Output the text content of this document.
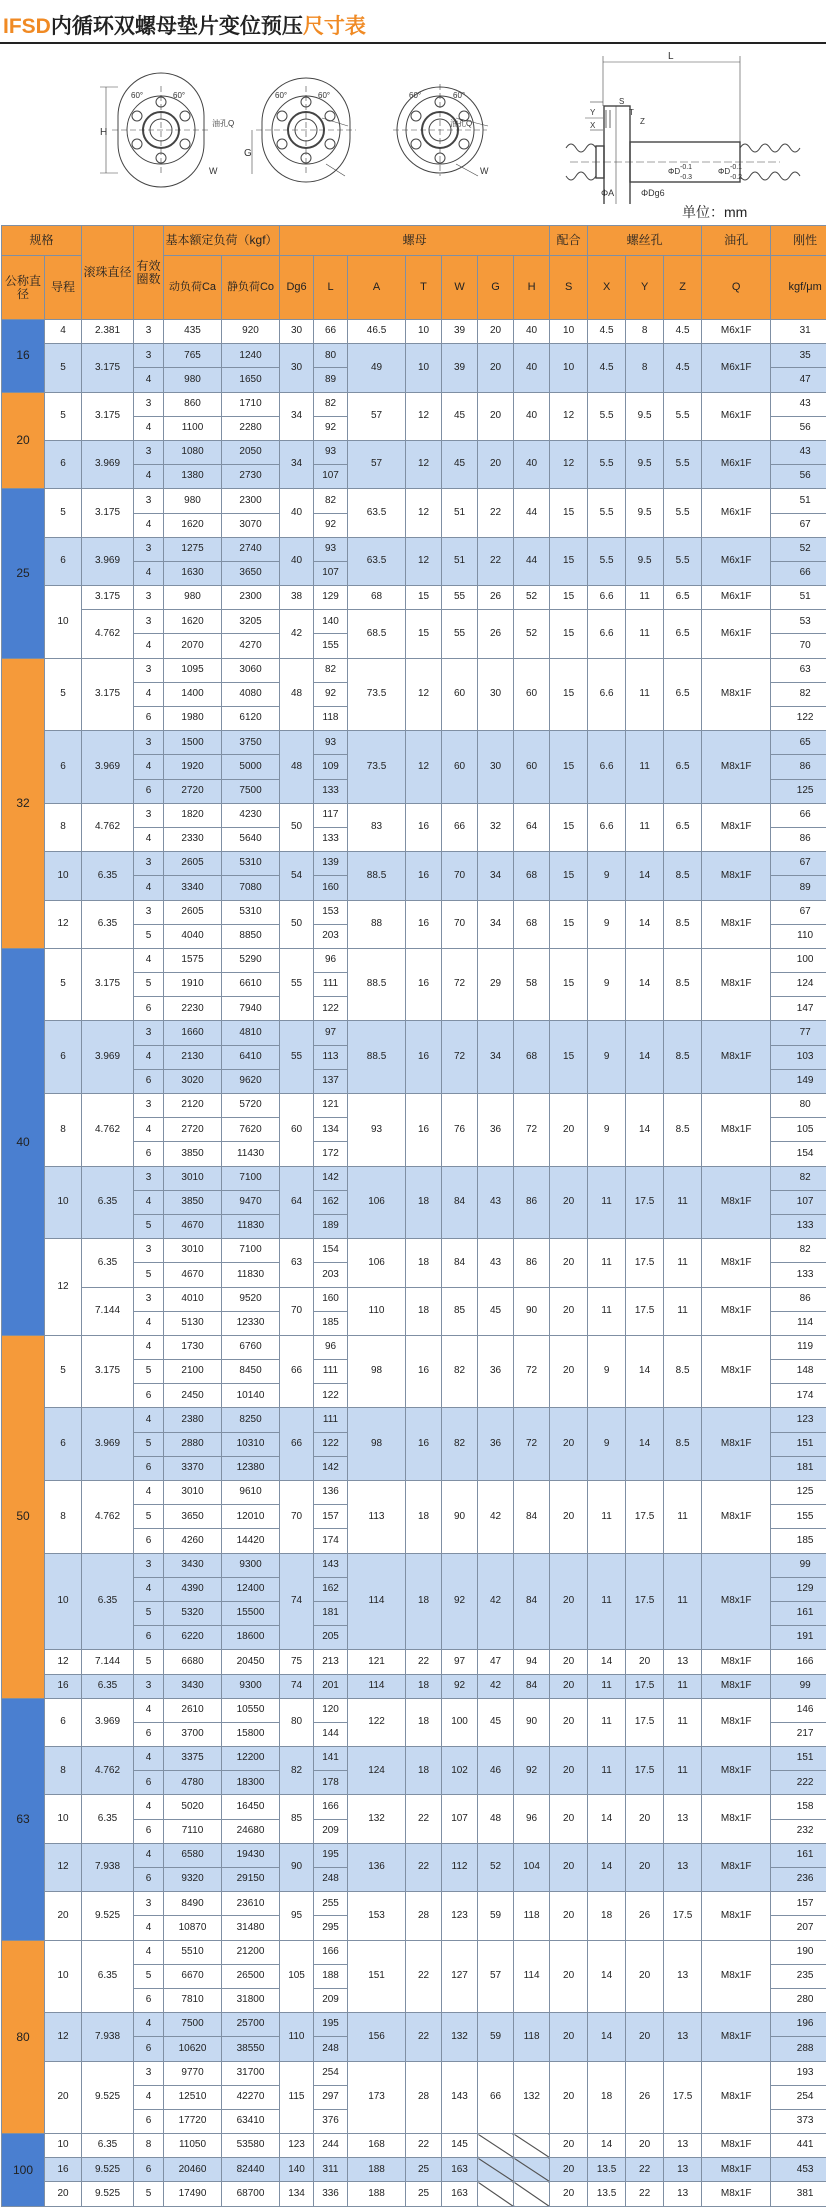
IFSD内循环双螺母垫片变位预压尺寸表
H
60°	60°
G
W
油孔Q
60°	60°
油孔Q
W
60°	60°
L
Y
X
S
T
Z
ΦA	ΦDg6
ΦD -0.1
-0.3
ΦD -0.1
-0.2
单位：mm
规格		滚珠直径	有效圈数	基本额定负荷（kgf）		螺母							配合	螺丝孔			油孔	刚性
公称直径	导程			动负荷Ca	静负荷Co	Dg6	L	A	T	W	G	H	S	X	Y	Z	Q	kgf/μm
16	4	2.381	3	435	920	30	66	46.5	10	39	20	40	10	4.5	8	4.5	M6x1F	31
	5	3.175	3	765	1240	30	80	49	10	39	20	40	10	4.5	8	4.5	M6x1F	35
			4	980	1650		89											47
20	5	3.175	3	860	1710	34	82	57	12	45	20	40	12	5.5	9.5	5.5	M6x1F	43
			4	1100	2280		92											56
	6	3.969	3	1080	2050	34	93	57	12	45	20	40	12	5.5	9.5	5.5	M6x1F	43
			4	1380	2730		107											56
25	5	3.175	3	980	2300	40	82	63.5	12	51	22	44	15	5.5	9.5	5.5	M6x1F	51
			4	1620	3070		92											67
	6	3.969	3	1275	2740	40	93	63.5	12	51	22	44	15	5.5	9.5	5.5	M6x1F	52
			4	1630	3650		107											66
	10	3.175	3	980	2300	38	129	68	15	55	26	52	15	6.6	11	6.5	M6x1F	51
		4.762	3	1620	3205	42	140	68.5	15	55	26	52	15	6.6	11	6.5	M6x1F	53
			4	2070	4270		155											70
32	5	3.175	3	1095	3060	48	82	73.5	12	60	30	60	15	6.6	11	6.5	M8x1F	63
			4	1400	4080		92											82
			6	1980	6120		118											122
	6	3.969	3	1500	3750	48	93	73.5	12	60	30	60	15	6.6	11	6.5	M8x1F	65
			4	1920	5000		109											86
			6	2720	7500		133											125
	8	4.762	3	1820	4230	50	117	83	16	66	32	64	15	6.6	11	6.5	M8x1F	66
			4	2330	5640		133											86
	10	6.35	3	2605	5310	54	139	88.5	16	70	34	68	15	9	14	8.5	M8x1F	67
			4	3340	7080		160											89
	12	6.35	3	2605	5310	50	153	88	16	70	34	68	15	9	14	8.5	M8x1F	67
			5	4040	8850		203											110
40	5	3.175	4	1575	5290	55	96	88.5	16	72	29	58	15	9	14	8.5	M8x1F	100
			5	1910	6610		111											124
			6	2230	7940		122											147
	6	3.969	3	1660	4810	55	97	88.5	16	72	34	68	15	9	14	8.5	M8x1F	77
			4	2130	6410		113											103
			6	3020	9620		137											149
	8	4.762	3	2120	5720	60	121	93	16	76	36	72	20	9	14	8.5	M8x1F	80
			4	2720	7620		134											105
			6	3850	11430		172											154
	10	6.35	3	3010	7100	64	142	106	18	84	43	86	20	11	17.5	11	M8x1F	82
			4	3850	9470		162											107
			5	4670	11830		189											133
	12	6.35	3	3010	7100	63	154	106	18	84	43	86	20	11	17.5	11	M8x1F	82
			5	4670	11830		203											133
		7.144	3	4010	9520	70	160	110	18	85	45	90	20	11	17.5	11	M8x1F	86
			4	5130	12330		185											114
50	5	3.175	4	1730	6760	66	96	98	16	82	36	72	20	9	14	8.5	M8x1F	119
			5	2100	8450		111											148
			6	2450	10140		122											174
	6	3.969	4	2380	8250	66	111	98	16	82	36	72	20	9	14	8.5	M8x1F	123
			5	2880	10310		122											151
			6	3370	12380		142											181
	8	4.762	4	3010	9610	70	136	113	18	90	42	84	20	11	17.5	11	M8x1F	125
			5	3650	12010		157											155
			6	4260	14420		174											185
	10	6.35	3	3430	9300	74	143	114	18	92	42	84	20	11	17.5	11	M8x1F	99
			4	4390	12400		162											129
			5	5320	15500		181											161
			6	6220	18600		205											191
	12	7.144	5	6680	20450	75	213	121	22	97	47	94	20	14	20	13	M8x1F	166
	16	6.35	3	3430	9300	74	201	114	18	92	42	84	20	11	17.5	11	M8x1F	99
63	6	3.969	4	2610	10550	80	120	122	18	100	45	90	20	11	17.5	11	M8x1F	146
			6	3700	15800		144											217
	8	4.762	4	3375	12200	82	141	124	18	102	46	92	20	11	17.5	11	M8x1F	151
			6	4780	18300		178											222
	10	6.35	4	5020	16450	85	166	132	22	107	48	96	20	14	20	13	M8x1F	158
			6	7110	24680		209											232
	12	7.938	4	6580	19430	90	195	136	22	112	52	104	20	14	20	13	M8x1F	161
			6	9320	29150		248											236
	20	9.525	3	8490	23610	95	255	153	28	123	59	118	20	18	26	17.5	M8x1F	157
			4	10870	31480		295											207
80	10	6.35	4	5510	21200	105	166	151	22	127	57	114	20	14	20	13	M8x1F	190
			5	6670	26500		188											235
			6	7810	31800		209											280
	12	7.938	4	7500	25700	110	195	156	22	132	59	118	20	14	20	13	M8x1F	196
			6	10620	38550		248											288
	20	9.525	3	9770	31700	115	254	173	28	143	66	132	20	18	26	17.5	M8x1F	193
			4	12510	42270		297											254
			6	17720	63410		376											373
100	10	6.35	8	11050	53580	123	244	168	22	145			20	14	20	13	M8x1F	441
	16	9.525	6	20460	82440	140	311	188	25	163			20	13.5	22	13	M8x1F	453
	20	9.525	5	17490	68700	134	336	188	25	163			20	13.5	22	13	M8x1F	381
